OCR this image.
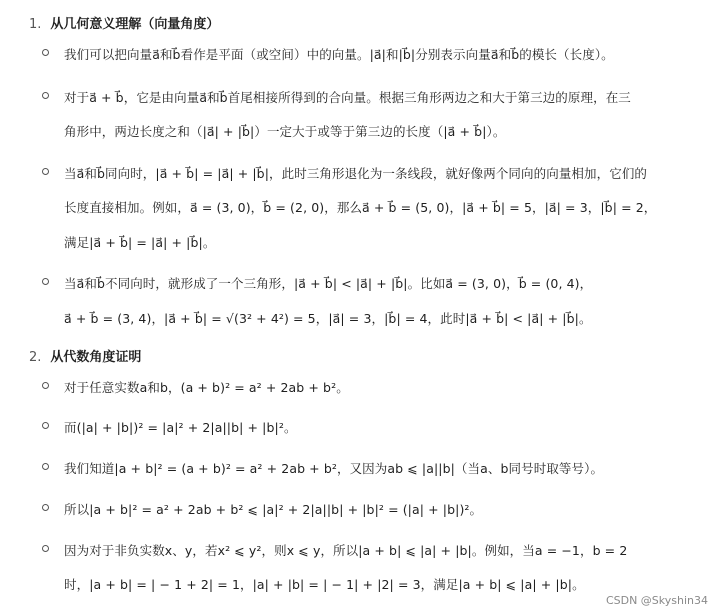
1. 从几何意义理解（向量角度）
我们可以把向量a⃗和b⃗看作是平面（或空间）中的向量。|a⃗|和|b⃗|分别表示向量a⃗和b⃗的模长（长度）。
对于a⃗ + b⃗，它是由向量a⃗和b⃗首尾相接所得到的合向量。根据三角形两边之和大于第三边的原理，在三
角形中，两边长度之和（|a⃗| + |b⃗|）一定大于或等于第三边的长度（|a⃗ + b⃗|）。
当a⃗和b⃗同向时，|a⃗ + b⃗| = |a⃗| + |b⃗|，此时三角形退化为一条线段，就好像两个同向的向量相加，它们的
长度直接相加。例如，a⃗ = (3, 0)，b⃗ = (2, 0)，那么a⃗ + b⃗ = (5, 0)，|a⃗ + b⃗| = 5，|a⃗| = 3，|b⃗| = 2，
满足|a⃗ + b⃗| = |a⃗| + |b⃗|。
当a⃗和b⃗不同向时，就形成了一个三角形，|a⃗ + b⃗| < |a⃗| + |b⃗|。比如a⃗ = (3, 0)，b⃗ = (0, 4)，
a⃗ + b⃗ = (3, 4)，|a⃗ + b⃗| = √(3² + 4²) = 5，|a⃗| = 3，|b⃗| = 4，此时|a⃗ + b⃗| < |a⃗| + |b⃗|。
2. 从代数角度证明
对于任意实数a和b，(a + b)² = a² + 2ab + b²。
而(|a| + |b|)² = |a|² + 2|a||b| + |b|²。
我们知道|a + b|² = (a + b)² = a² + 2ab + b²，又因为ab ⩽ |a||b|（当a、b同号时取等号）。
所以|a + b|² = a² + 2ab + b² ⩽ |a|² + 2|a||b| + |b|² = (|a| + |b|)²。
因为对于非负实数x、y，若x² ⩽ y²，则x ⩽ y，所以|a + b| ⩽ |a| + |b|。例如，当a = −1，b = 2
时，|a + b| = | − 1 + 2| = 1，|a| + |b| = | − 1| + |2| = 3，满足|a + b| ⩽ |a| + |b|。
CSDN @Skyshin34
